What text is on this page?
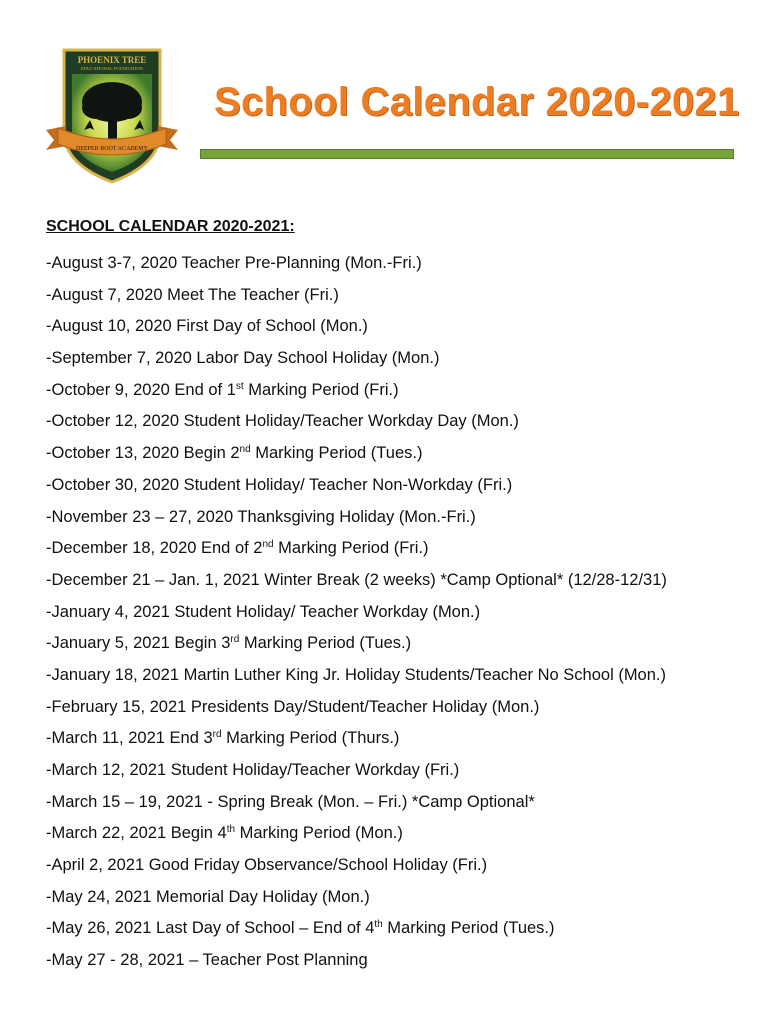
PHOENIX TREE
EDUCATIONAL FOUNDATION
DEEPER ROOT ACADEMY
School Calendar 2020-2021
SCHOOL CALENDAR 2020-2021:
-August 3-7, 2020 Teacher Pre-Planning (Mon.-Fri.)
-August 7, 2020 Meet The Teacher (Fri.)
-August 10, 2020 First Day of School (Mon.)
-September 7, 2020 Labor Day School Holiday (Mon.)
-October 9, 2020 End of 1st Marking Period (Fri.)
-October 12, 2020 Student Holiday/Teacher Workday Day (Mon.)
-October 13, 2020 Begin 2nd Marking Period (Tues.)
-October 30, 2020 Student Holiday/ Teacher Non-Workday (Fri.)
-November 23 – 27, 2020 Thanksgiving Holiday (Mon.-Fri.)
-December 18, 2020 End of 2nd Marking Period (Fri.)
-December 21 – Jan. 1, 2021 Winter Break (2 weeks) *Camp Optional* (12/28-12/31)
-January 4, 2021 Student Holiday/ Teacher Workday (Mon.)
-January 5, 2021 Begin 3rd Marking Period (Tues.)
-January 18, 2021 Martin Luther King Jr. Holiday Students/Teacher No School (Mon.)
-February 15, 2021 Presidents Day/Student/Teacher Holiday (Mon.)
-March 11, 2021 End 3rd Marking Period (Thurs.)
-March 12, 2021 Student Holiday/Teacher Workday (Fri.)
-March 15 – 19, 2021 - Spring Break (Mon. – Fri.) *Camp Optional*
-March 22, 2021 Begin 4th Marking Period (Mon.)
-April 2, 2021 Good Friday Observance/School Holiday (Fri.)
-May 24, 2021 Memorial Day Holiday (Mon.)
-May 26, 2021 Last Day of School – End of 4th Marking Period (Tues.)
-May 27 - 28, 2021 – Teacher Post Planning
